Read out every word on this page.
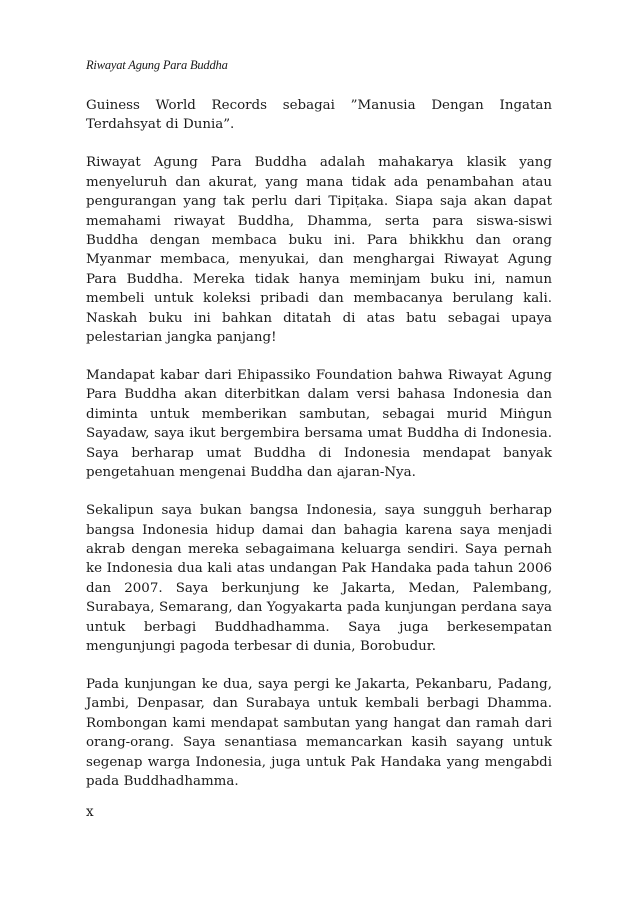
Riwayat Agung Para Buddha

Guiness World Records sebagai ”Manusia Dengan Ingatan Terdahsyat di Dunia”.

Riwayat Agung Para Buddha adalah mahakarya klasik yang menyeluruh dan akurat, yang mana tidak ada penambahan atau pengurangan yang tak perlu dari Tipiṭaka. Siapa saja akan dapat memahami riwayat Buddha, Dhamma, serta para siswa-siswi Buddha dengan membaca buku ini. Para bhikkhu dan orang Myanmar membaca, menyukai, dan menghargai Riwayat Agung Para Buddha. Mereka tidak hanya meminjam buku ini, namun membeli untuk koleksi pribadi dan membacanya berulang kali. Naskah buku ini bahkan ditatah di atas batu sebagai upaya pelestarian jangka panjang!

Mandapat kabar dari Ehipassiko Foundation bahwa Riwayat Agung Para Buddha akan diterbitkan dalam versi bahasa Indonesia dan diminta untuk memberikan sambutan, sebagai murid Miṅgun Sayadaw, saya ikut bergembira bersama umat Buddha di Indonesia. Saya berharap umat Buddha di Indonesia mendapat banyak pengetahuan mengenai Buddha dan ajaran-Nya.

Sekalipun saya bukan bangsa Indonesia, saya sungguh berharap bangsa Indonesia hidup damai dan bahagia karena saya menjadi akrab dengan mereka sebagaimana keluarga sendiri. Saya pernah ke Indonesia dua kali atas undangan Pak Handaka pada tahun 2006 dan 2007. Saya berkunjung ke Jakarta, Medan, Palembang, Surabaya, Semarang, dan Yogyakarta pada kunjungan perdana saya untuk berbagi Buddhadhamma. Saya juga berkesempatan mengunjungi pagoda terbesar di dunia, Borobudur.

Pada kunjungan ke dua, saya pergi ke Jakarta, Pekanbaru, Padang, Jambi, Denpasar, dan Surabaya untuk kembali berbagi Dhamma. Rombongan kami mendapat sambutan yang hangat dan ramah dari orang-orang. Saya senantiasa memancarkan kasih sayang untuk segenap warga Indonesia, juga untuk Pak Handaka yang mengabdi pada Buddhadhamma.

x
